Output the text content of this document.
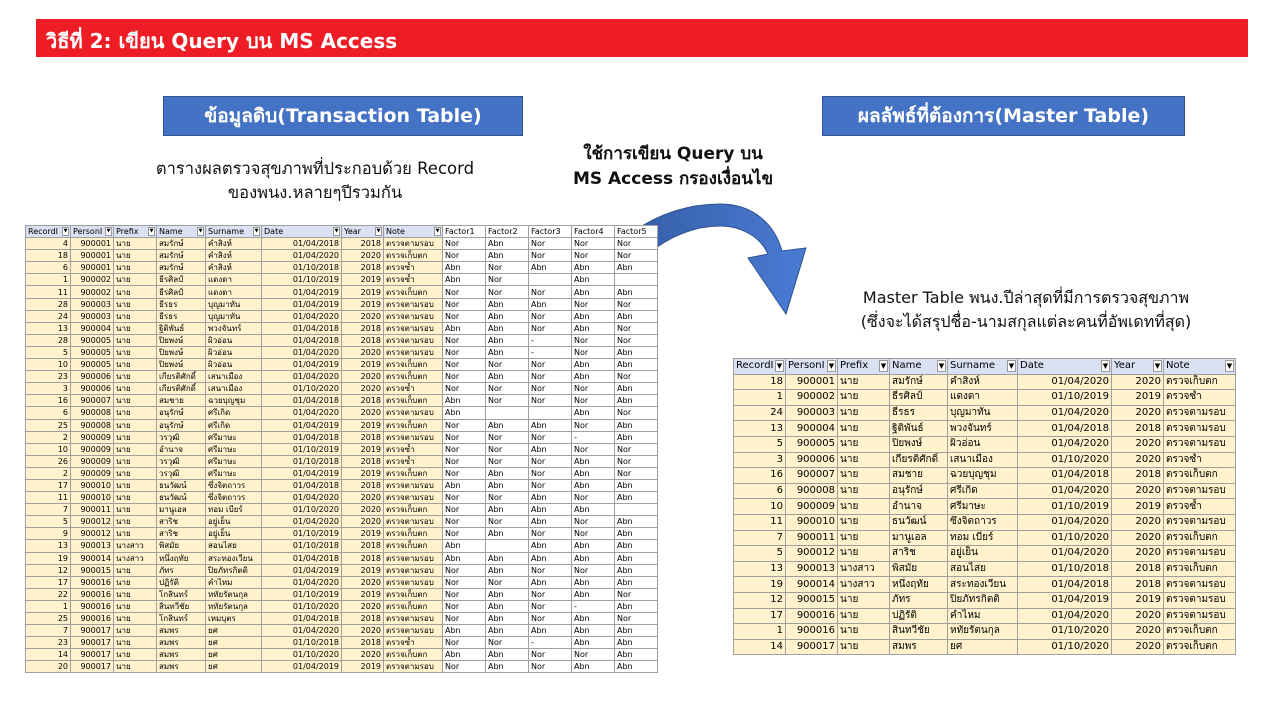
วิธีที่ 2: เขียน Query บน MS Access
ข้อมูลดิบ(Transaction Table)	ผลลัพธ์ที่ต้องการ(Master Table)
ตารางผลตรวจสุขภาพที่ประกอบด้วย Record
ของพนง.หลายๆปีรวมกัน
ใช้การเขียน Query บน
MS Access กรองเงื่อนไข
Master Table พนง.ปีล่าสุดที่มีการตรวจสุขภาพ
(ซึ่งจะได้สรุปชื่อ-นามสกุลแต่ละคนที่อัพเดทที่สุด)
RecordI ▼	PersonI ▼	Prefix ▼	Name ▼	Surname ▼	Date ▼	Year ▼	Note ▼	Factor1	Factor2	Factor3	Factor4	Factor5

4	900001	นาย	สมรักษ์	คำสิงห์	01/04/2018	2018	ตรวจตามรอบ	Nor	Abn	Nor	Nor	Nor
18	900001	นาย	สมรักษ์	คำสิงห์	01/04/2020	2020	ตรวจเก็บตก	Nor	Abn	Nor	Nor	Nor
6	900001	นาย	สมรักษ์	คำสิงห์	01/10/2018	2018	ตรวจซ้ำ	Abn	Nor	Abn	Abn	Abn
1	900002	นาย	ธีรศิลป์	แดงดา	01/10/2019	2019	ตรวจซ้ำ	Abn	Nor		Abn	
11	900002	นาย	ธีรศิลป์	แดงดา	01/04/2019	2019	ตรวจเก็บตก	Nor	Nor	Nor	Abn	Abn
28	900003	นาย	ธีรธร	บุญมาทัน	01/04/2019	2019	ตรวจตามรอบ	Nor	Abn	Abn	Nor	Nor
24	900003	นาย	ธีรธร	บุญมาทัน	01/04/2020	2020	ตรวจตามรอบ	Nor	Abn	Nor	Abn	Abn
13	900004	นาย	ฐิติพันธ์	พวงจันทร์	01/04/2018	2018	ตรวจตามรอบ	Abn	Abn	Nor	Abn	Nor
28	900005	นาย	ปิยพงษ์	ผิวอ่อน	01/04/2018	2018	ตรวจตามรอบ	Nor	Abn	-	Nor	Nor
5	900005	นาย	ปิยพงษ์	ผิวอ่อน	01/04/2020	2020	ตรวจตามรอบ	Nor	Abn	-	Nor	Abn
10	900005	นาย	ปิยพงษ์	ผิวอ่อน	01/04/2019	2019	ตรวจเก็บตก	Nor	Nor	Nor	Abn	Abn
23	900006	นาย	เกียรติศักดิ์	เสนาเมือง	01/04/2020	2020	ตรวจเก็บตก	Nor	Abn	Nor	Abn	Nor
3	900006	นาย	เกียรติศักดิ์	เสนาเมือง	01/10/2020	2020	ตรวจซ้ำ	Nor	Nor	Nor	Nor	Abn
16	900007	นาย	สมชาย	ฉวยบุญชุม	01/04/2018	2018	ตรวจเก็บตก	Abn	Nor	Nor	Nor	Abn
6	900008	นาย	อนุรักษ์	ศรีเกิด	01/04/2020	2020	ตรวจตามรอบ	Abn			Abn	Nor
25	900008	นาย	อนุรักษ์	ศรีเกิด	01/04/2019	2019	ตรวจเก็บตก	Nor	Abn	Abn	Nor	Abn
2	900009	นาย	วรวุฒิ	ศรีมาษะ	01/04/2018	2018	ตรวจตามรอบ	Nor	Nor	Nor	-	Abn
10	900009	นาย	อำนาจ	ศรีมาษะ	01/10/2019	2019	ตรวจซ้ำ	Nor	Nor	Abn	Nor	Nor
26	900009	นาย	วรวุฒิ	ศรีมาษะ	01/10/2018	2018	ตรวจซ้ำ	Nor	Nor	Nor	Abn	Nor
2	900009	นาย	วรวุฒิ	ศรีมาษะ	01/04/2019	2019	ตรวจเก็บตก	Nor	Abn	Nor	Abn	Nor
17	900010	นาย	ธนวัฒน์	ซึ่งจิตถาวร	01/04/2018	2018	ตรวจตามรอบ	Abn	Abn	Nor	Abn	Abn
11	900010	นาย	ธนวัฒน์	ซึ่งจิตถาวร	01/04/2020	2020	ตรวจตามรอบ	Nor	Nor	Abn	Nor	Abn
7	900011	นาย	มานูเอล	ทอม เบียร์	01/10/2020	2020	ตรวจเก็บตก	Nor	Abn	Abn	Abn	
5	900012	นาย	สาริช	อยู่เย็น	01/04/2020	2020	ตรวจตามรอบ	Nor	Nor	Abn	Nor	Abn
9	900012	นาย	สาริช	อยู่เย็น	01/10/2019	2019	ตรวจเก็บตก	Nor	Abn	Nor	Nor	Abn
13	900013	นางสาว	พิสมัย	สอนไสย	01/10/2018	2018	ตรวจเก็บตก	Abn		Abn	Abn	Abn
19	900014	นางสาว	หนึ่งฤทัย	สระทองเวียน	01/04/2018	2018	ตรวจตามรอบ	Abn	Abn	Abn	Abn	Abn
12	900015	นาย	ภัทร	ปิยภัทรกิตติ	01/04/2019	2019	ตรวจตามรอบ	Nor	Abn	Nor	Nor	Abn
17	900016	นาย	ปฏิรัติ	คำไหม	01/04/2020	2020	ตรวจตามรอบ	Nor	Nor	Abn	Abn	Abn
22	900016	นาย	โกสินทร์	หทัยรัตนกุล	01/10/2019	2019	ตรวจเก็บตก	Nor	Abn	Nor	Abn	Nor
1	900016	นาย	สินทวีชัย	หทัยรัตนกุล	01/10/2020	2020	ตรวจเก็บตก	Nor	Abn	Nor	-	Abn
25	900016	นาย	โกสินทร์	เหมบุตร	01/04/2018	2018	ตรวจตามรอบ	Nor	Abn	Nor	Abn	Nor
7	900017	นาย	สมพร	ยศ	01/04/2020	2020	ตรวจตามรอบ	Abn	Abn	Abn	Abn	Abn
23	900017	นาย	สมพร	ยศ	01/10/2018	2018	ตรวจซ้ำ	Nor	Nor	-	Abn	Abn
14	900017	นาย	สมพร	ยศ	01/10/2020	2020	ตรวจเก็บตก	Abn	Abn	Nor	Nor	Abn
20	900017	นาย	สมพร	ยศ	01/04/2019	2019	ตรวจตามรอบ	Nor	Abn	Nor	Abn	Abn
RecordI ▼	PersonI ▼	Prefix ▼	Name ▼	Surname ▼	Date ▼	Year ▼	Note ▼

18	900001	นาย	สมรักษ์	คำสิงห์	01/04/2020	2020	ตรวจเก็บตก
1	900002	นาย	ธีรศิลป์	แดงดา	01/10/2019	2019	ตรวจซ้ำ
24	900003	นาย	ธีรธร	บุญมาทัน	01/04/2020	2020	ตรวจตามรอบ
13	900004	นาย	ฐิติพันธ์	พวงจันทร์	01/04/2018	2018	ตรวจตามรอบ
5	900005	นาย	ปิยพงษ์	ผิวอ่อน	01/04/2020	2020	ตรวจตามรอบ
3	900006	นาย	เกียรติศักดิ์	เสนาเมือง	01/10/2020	2020	ตรวจซ้ำ
16	900007	นาย	สมชาย	ฉวยบุญชุม	01/04/2018	2018	ตรวจเก็บตก
6	900008	นาย	อนุรักษ์	ศรีเกิด	01/04/2020	2020	ตรวจตามรอบ
10	900009	นาย	อำนาจ	ศรีมาษะ	01/10/2019	2019	ตรวจซ้ำ
11	900010	นาย	ธนวัฒน์	ซึ่งจิตถาวร	01/04/2020	2020	ตรวจตามรอบ
7	900011	นาย	มานูเอล	ทอม เบียร์	01/10/2020	2020	ตรวจเก็บตก
5	900012	นาย	สาริช	อยู่เย็น	01/04/2020	2020	ตรวจตามรอบ
13	900013	นางสาว	พิสมัย	สอนไสย	01/10/2018	2018	ตรวจเก็บตก
19	900014	นางสาว	หนึ่งฤทัย	สระทองเวียน	01/04/2018	2018	ตรวจตามรอบ
12	900015	นาย	ภัทร	ปิยภัทรกิตติ	01/04/2019	2019	ตรวจตามรอบ
17	900016	นาย	ปฏิรัติ	คำไหม	01/04/2020	2020	ตรวจตามรอบ
1	900016	นาย	สินทวีชัย	หทัยรัตนกุล	01/10/2020	2020	ตรวจเก็บตก
14	900017	นาย	สมพร	ยศ	01/10/2020	2020	ตรวจเก็บตก
